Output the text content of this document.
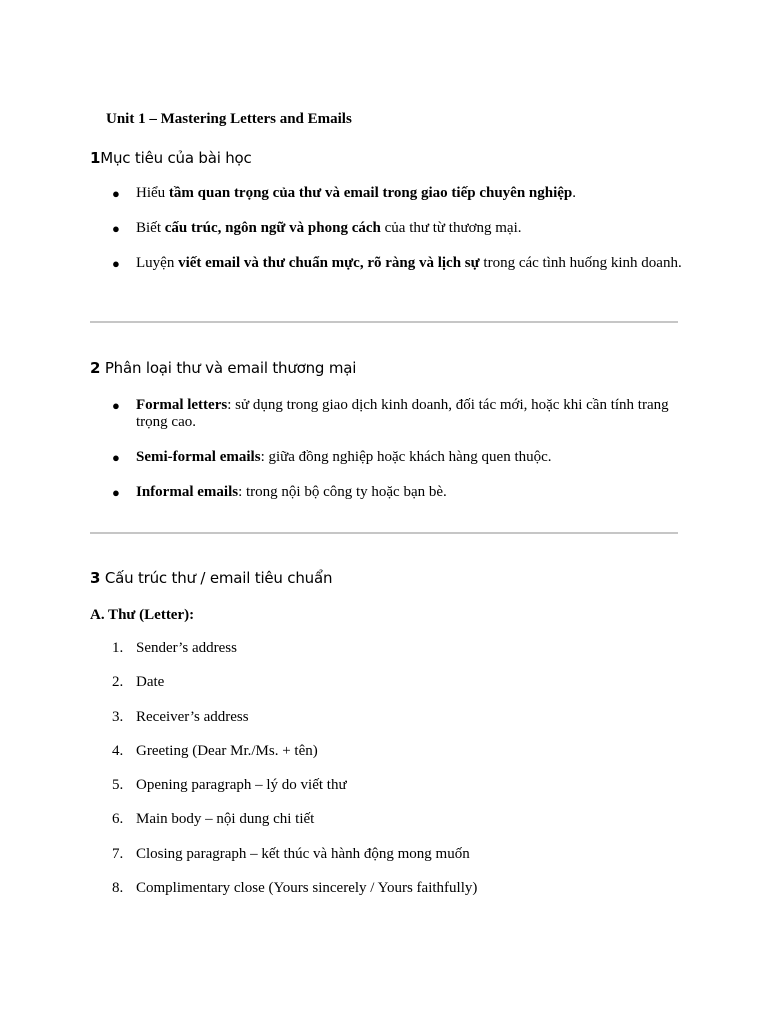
Unit 1 – Mastering Letters and Emails
1Mục tiêu của bài học
● Hiểu tầm quan trọng của thư và email trong giao tiếp chuyên nghiệp.
● Biết cấu trúc, ngôn ngữ và phong cách của thư từ thương mại.
● Luyện viết email và thư chuẩn mực, rõ ràng và lịch sự trong các tình huống kinh doanh.
2 Phân loại thư và email thương mại
● Formal letters: sử dụng trong giao dịch kinh doanh, đối tác mới, hoặc khi cần tính trang trọng cao.
● Semi-formal emails: giữa đồng nghiệp hoặc khách hàng quen thuộc.
● Informal emails: trong nội bộ công ty hoặc bạn bè.
3 Cấu trúc thư / email tiêu chuẩn
A. Thư (Letter):
1. Sender’s address
2. Date
3. Receiver’s address
4. Greeting (Dear Mr./Ms. + tên)
5. Opening paragraph – lý do viết thư
6. Main body – nội dung chi tiết
7. Closing paragraph – kết thúc và hành động mong muốn
8. Complimentary close (Yours sincerely / Yours faithfully)
